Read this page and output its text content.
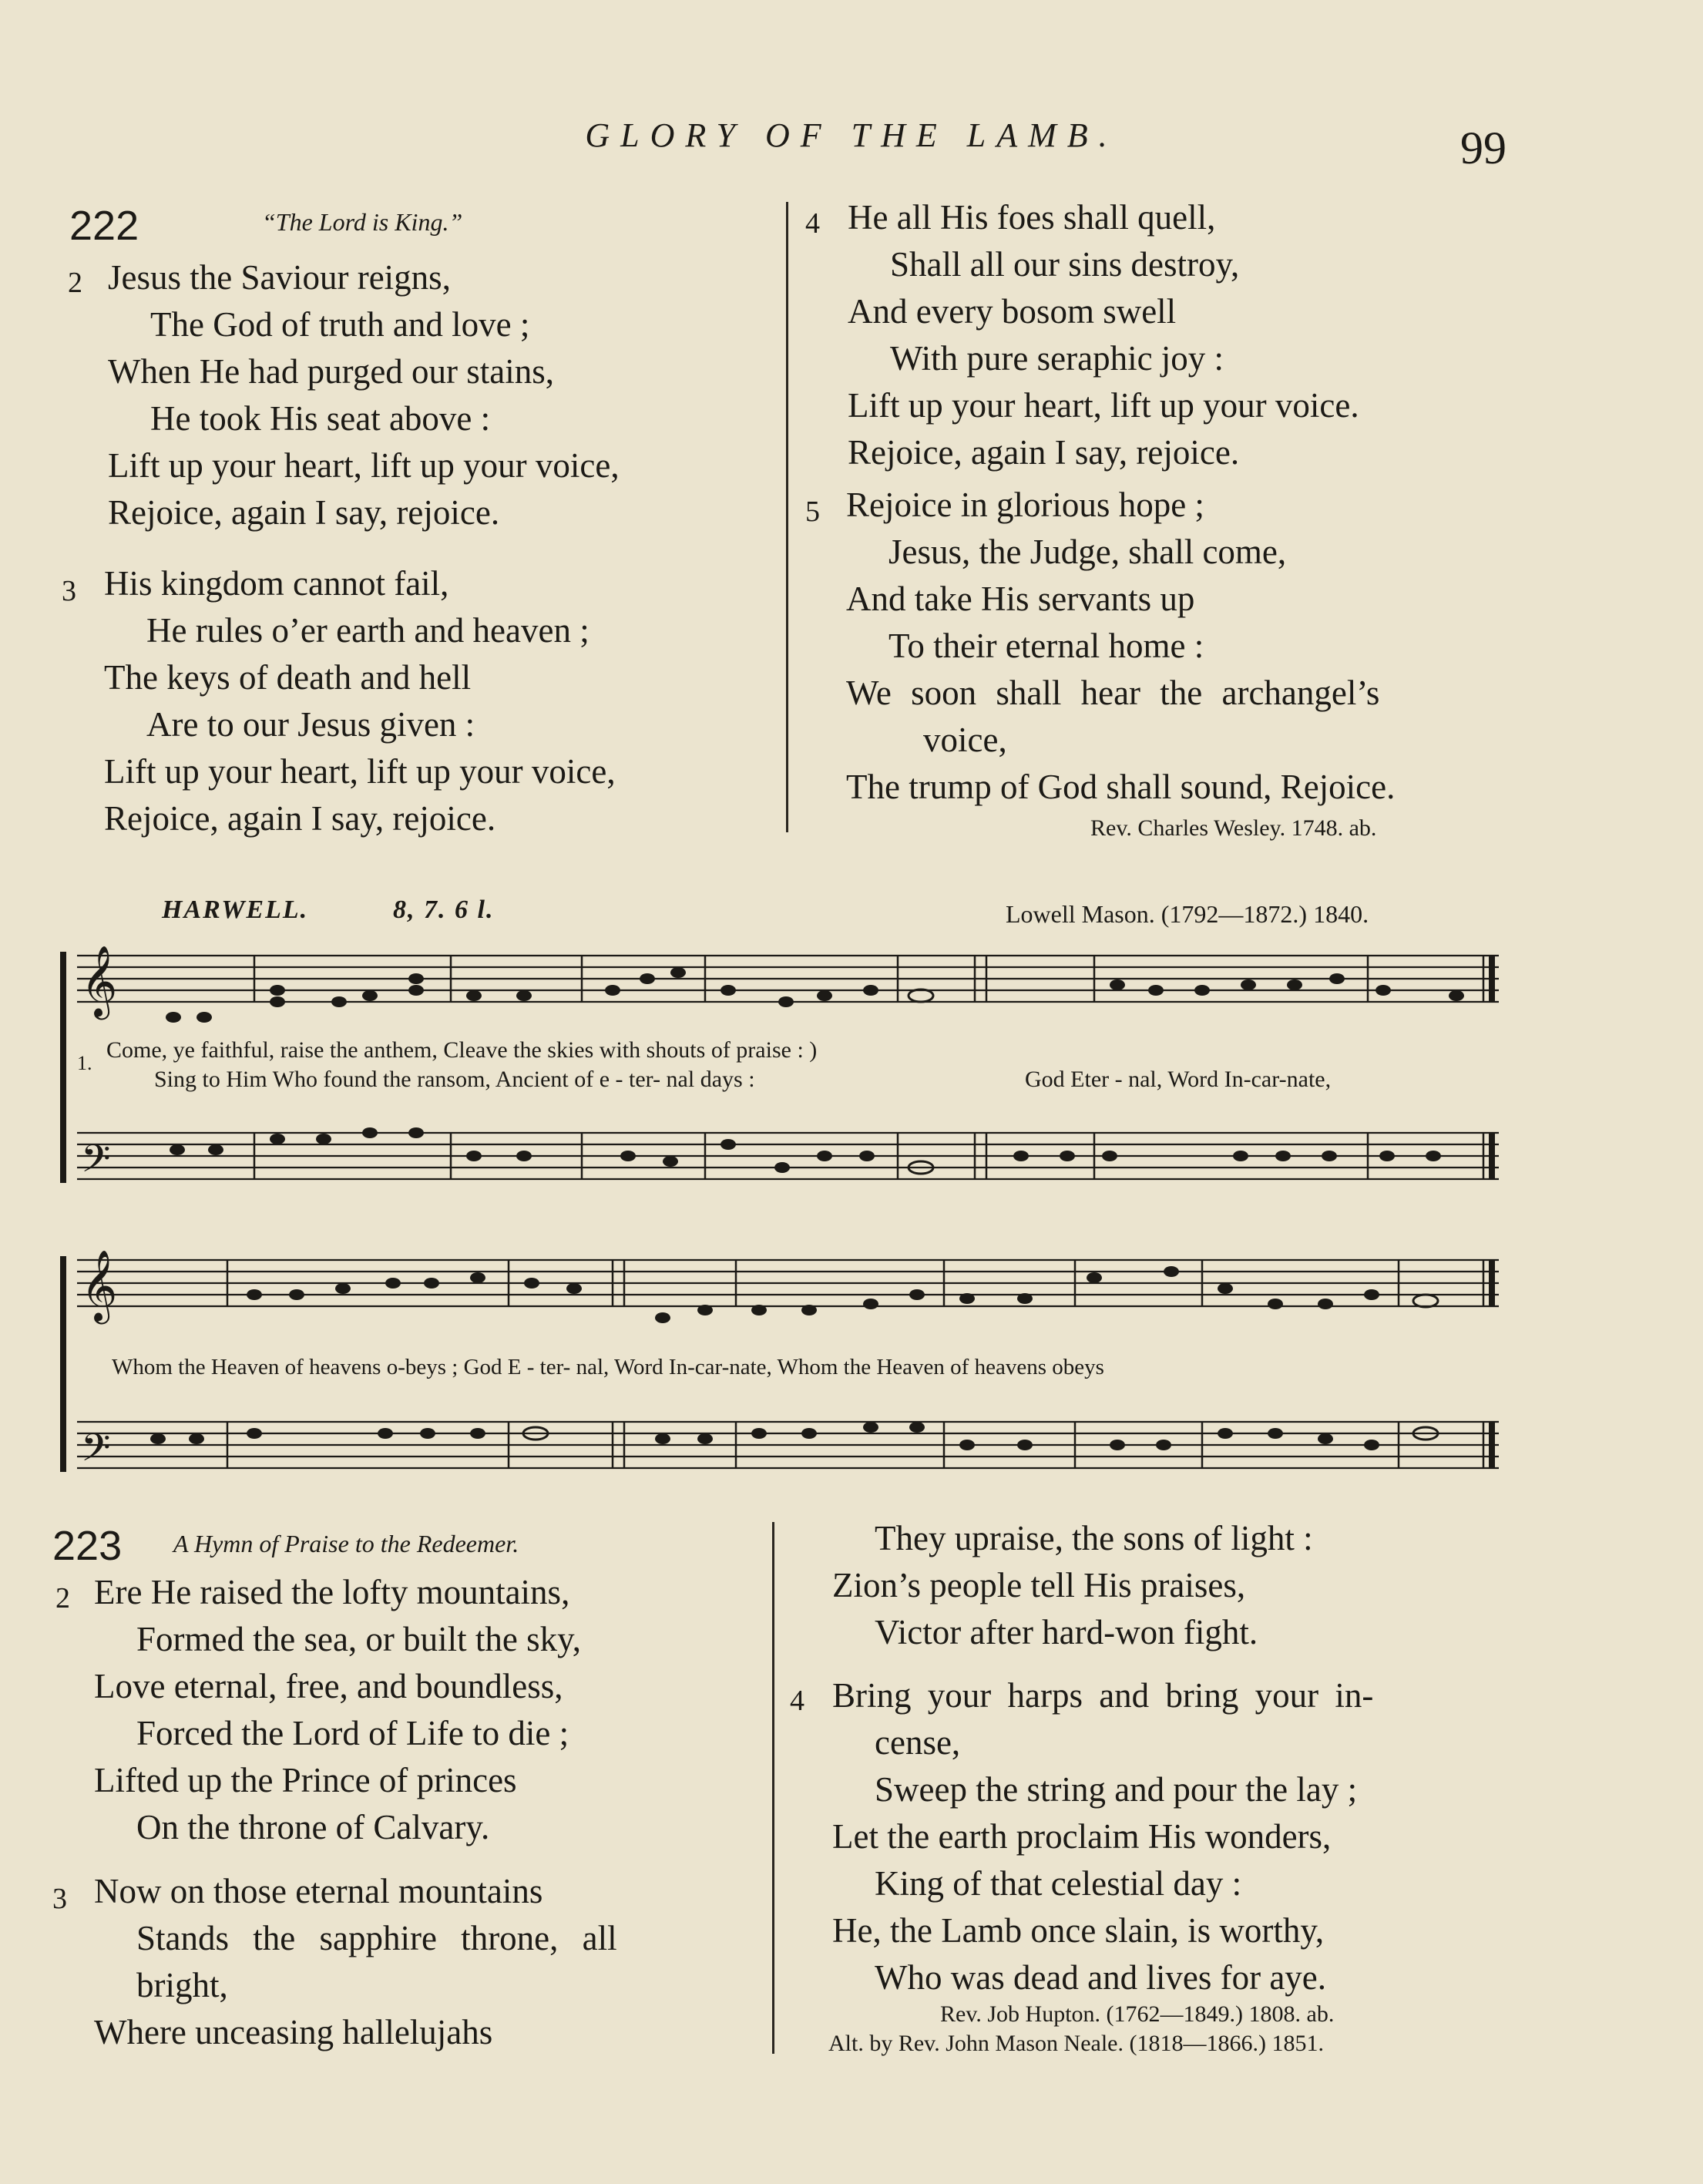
GLORY OF THE LAMB.	99
222	“The Lord is King.”
Jesus the Saviour reigns,
The God of truth and love ;
When He had purged our stains,
He took His seat above :
Lift up your heart, lift up your voice,
Rejoice, again I say, rejoice.
2
His kingdom cannot fail,
He rules o’er earth and heaven ;
The keys of death and hell
Are to our Jesus given :
Lift up your heart, lift up your voice,
Rejoice, again I say, rejoice.
3
He all His foes shall quell,
Shall all our sins destroy,
And every bosom swell
With pure seraphic joy :
Lift up your heart, lift up your voice.
Rejoice, again I say, rejoice.
4
Rejoice in glorious hope ;
Jesus, the Judge, shall come,
And take His servants up
To their eternal home :
We soon shall hear the archangel’s
voice,
The trump of God shall sound, Rejoice.
5
Rev. Charles Wesley. 1748. ab.
HARWELL.	8, 7. 6 l.	Lowell Mason. (1792—1872.) 1840.
𝄞
𝄢
𝄞
𝄢
1.
Come, ye faithful, raise the anthem, Cleave the skies with shouts of praise : )
Sing to Him Who found the ransom, Ancient of e - ter- nal days :	God Eter - nal, Word In-car-nate,
Whom the Heaven of heavens o-beys ; God E - ter- nal, Word In-car-nate, Whom the Heaven of heavens obeys
223 A Hymn of Praise to the Redeemer.
Ere He raised the lofty mountains,
Formed the sea, or built the sky,
Love eternal, free, and boundless,
Forced the Lord of Life to die ;
Lifted up the Prince of princes
On the throne of Calvary.
2
Now on those eternal mountains
Stands the sapphire throne, all
bright,
Where unceasing hallelujahs
3
They upraise, the sons of light :
Zion’s people tell His praises,
Victor after hard-won fight.
Bring your harps and bring your in-
cense,
Sweep the string and pour the lay ;
Let the earth proclaim His wonders,
King of that celestial day :
He, the Lamb once slain, is worthy,
Who was dead and lives for aye.
4
Rev. Job Hupton. (1762—1849.) 1808. ab.
Alt. by Rev. John Mason Neale. (1818—1866.) 1851.
